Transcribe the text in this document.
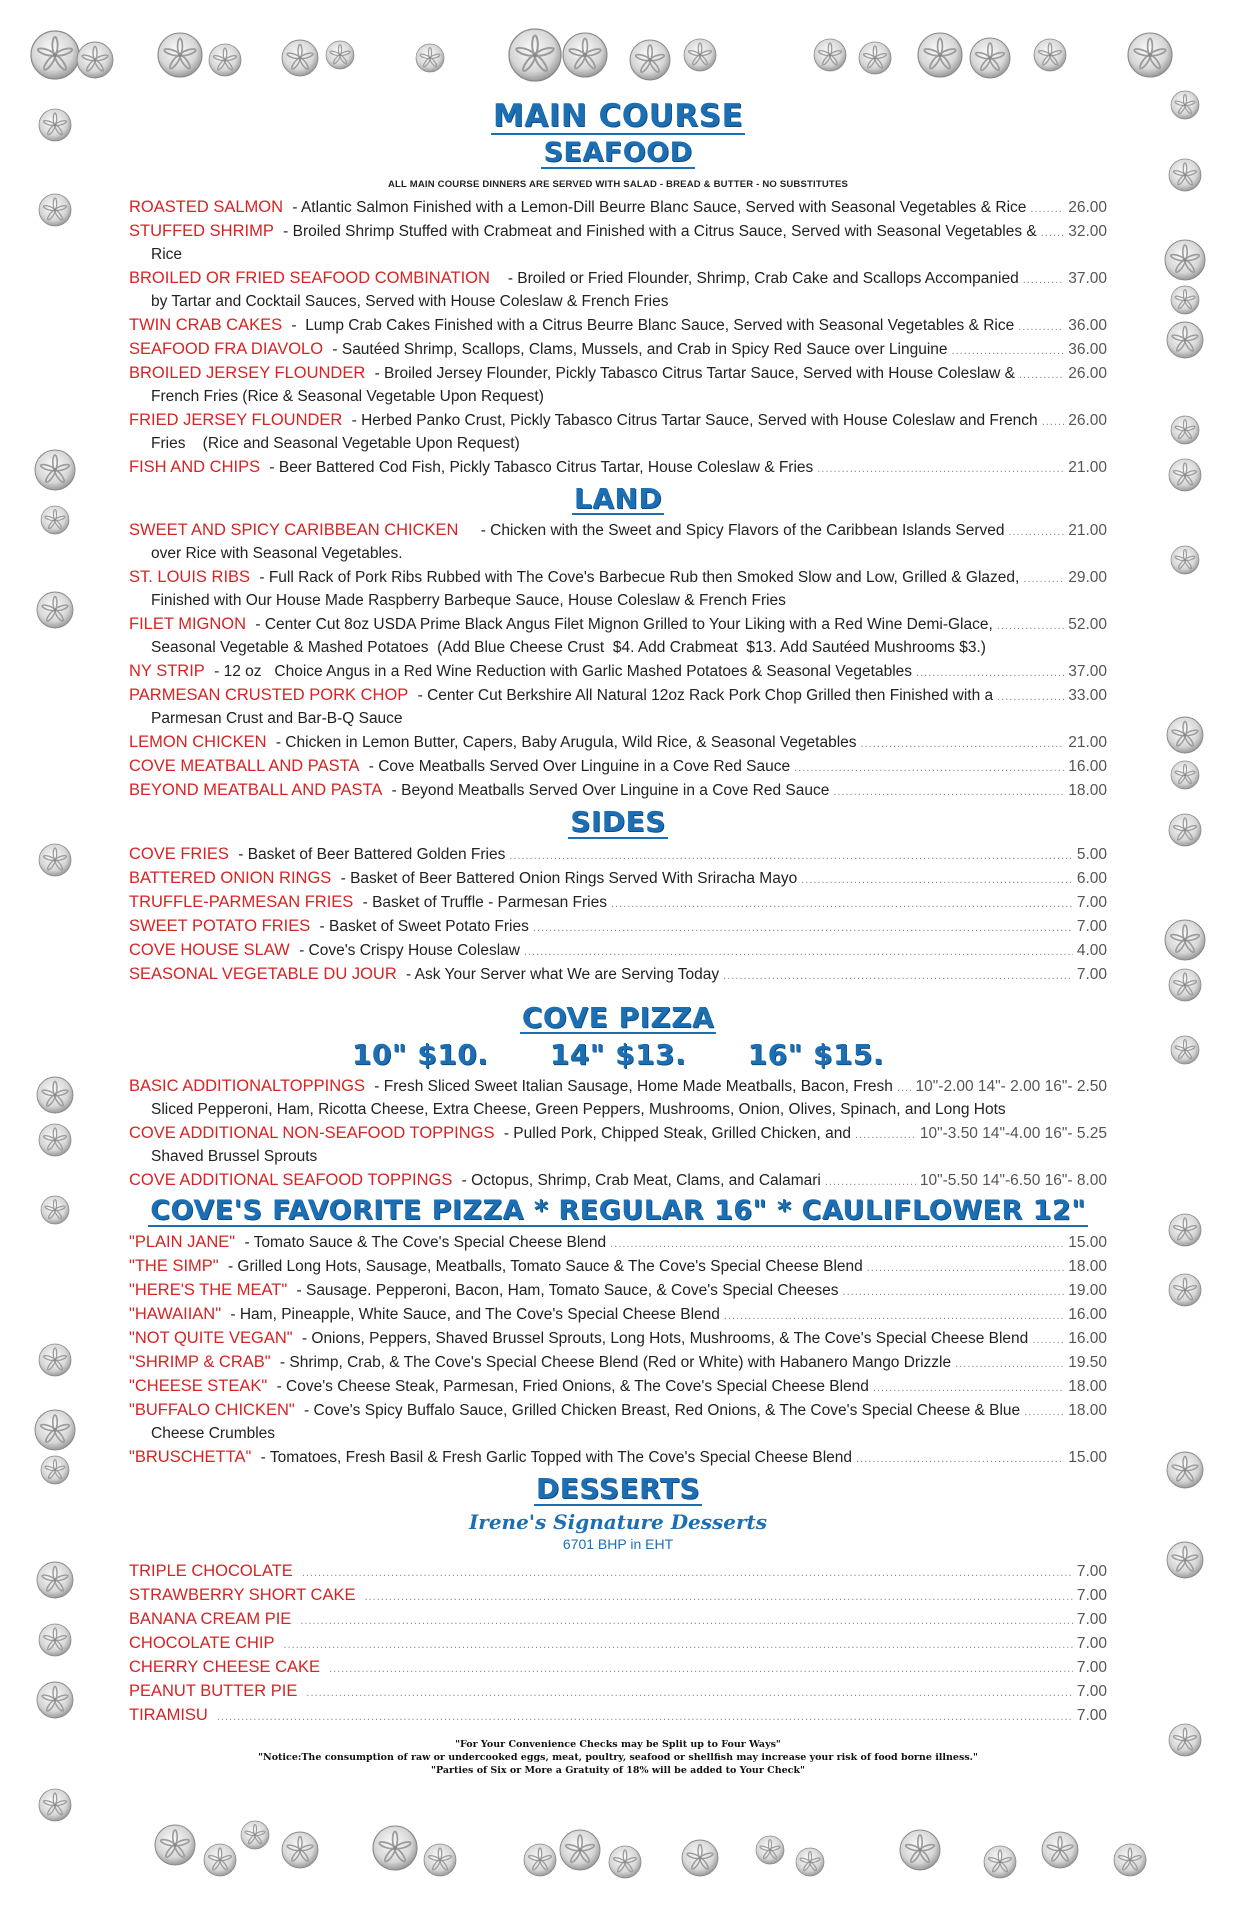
MAIN COURSE
SEAFOOD
ALL MAIN COURSE DINNERS ARE SERVED WITH SALAD - BREAD & BUTTER - NO SUBSTITUTES
ROASTED SALMON - Atlantic Salmon Finished with a Lemon-Dill Beurre Blanc Sauce, Served with Seasonal Vegetables & Rice .....	26.00
STUFFED SHRIMP - Broiled Shrimp Stuffed with Crabmeat and Finished with a Citrus Sauce, Served with Seasonal Vegetables & ..... 32.00
Rice
BROILED OR FRIED SEAFOOD COMBINATION   - Broiled or Fried Flounder, Shrimp, Crab Cake and Scallops Accompanied .....	37.00
by Tartar and Cocktail Sauces, Served with House Coleslaw & French Fries
TWIN CRAB CAKES -  Lump Crab Cakes Finished with a Citrus Beurre Blanc Sauce, Served with Seasonal Vegetables & Rice .....	36.00
SEAFOOD FRA DIAVOLO - Sautéed Shrimp, Scallops, Clams, Mussels, and Crab in Spicy Red Sauce over Linguine .....	36.00
BROILED JERSEY FLOUNDER - Broiled Jersey Flounder, Pickly Tabasco Citrus Tartar Sauce, Served with House Coleslaw & .....	26.00
French Fries (Rice & Seasonal Vegetable Upon Request)
FRIED JERSEY FLOUNDER - Herbed Panko Crust, Pickly Tabasco Citrus Tartar Sauce, Served with House Coleslaw and French ..... 26.00
Fries    (Rice and Seasonal Vegetable Upon Request)
FISH AND CHIPS - Beer Battered Cod Fish, Pickly Tabasco Citrus Tartar, House Coleslaw & Fries .....	21.00
LAND
SWEET AND SPICY CARIBBEAN CHICKEN    - Chicken with the Sweet and Spicy Flavors of the Caribbean Islands Served .....	21.00
over Rice with Seasonal Vegetables.
ST. LOUIS RIBS - Full Rack of Pork Ribs Rubbed with The Cove's Barbecue Rub then Smoked Slow and Low, Grilled & Glazed, .....	29.00
Finished with Our House Made Raspberry Barbeque Sauce, House Coleslaw & French Fries
FILET MIGNON - Center Cut 8oz USDA Prime Black Angus Filet Mignon Grilled to Your Liking with a Red Wine Demi-Glace, .....	52.00
Seasonal Vegetable & Mashed Potatoes  (Add Blue Cheese Crust  $4. Add Crabmeat  $13. Add Sautéed Mushrooms $3.)
NY STRIP - 12 oz   Choice Angus in a Red Wine Reduction with Garlic Mashed Potatoes & Seasonal Vegetables .....	37.00
PARMESAN CRUSTED PORK CHOP - Center Cut Berkshire All Natural 12oz Rack Pork Chop Grilled then Finished with a .....	33.00
Parmesan Crust and Bar-B-Q Sauce
LEMON CHICKEN - Chicken in Lemon Butter, Capers, Baby Arugula, Wild Rice, & Seasonal Vegetables .....	21.00
COVE MEATBALL AND PASTA - Cove Meatballs Served Over Linguine in a Cove Red Sauce .....	16.00
BEYOND MEATBALL AND PASTA - Beyond Meatballs Served Over Linguine in a Cove Red Sauce .....	18.00
SIDES
COVE FRIES - Basket of Beer Battered Golden Fries .....	5.00
BATTERED ONION RINGS - Basket of Beer Battered Onion Rings Served With Sriracha Mayo .....	6.00
TRUFFLE-PARMESAN FRIES - Basket of Truffle - Parmesan Fries .....	7.00
SWEET POTATO FRIES - Basket of Sweet Potato Fries .....	7.00
COVE HOUSE SLAW - Cove's Crispy House Coleslaw .....	4.00
SEASONAL VEGETABLE DU JOUR - Ask Your Server what We are Serving Today .....	7.00
COVE PIZZA
10" $10.      14" $13.      16" $15.
BASIC ADDITIONALTOPPINGS - Fresh Sliced Sweet Italian Sausage, Home Made Meatballs, Bacon, Fresh ..... 10"-2.00 14"- 2.00 16"- 2.50
Sliced Pepperoni, Ham, Ricotta Cheese, Extra Cheese, Green Peppers, Mushrooms, Onion, Olives, Spinach, and Long Hots
COVE ADDITIONAL NON-SEAFOOD TOPPINGS - Pulled Pork, Chipped Steak, Grilled Chicken, and .....	10"-3.50 14"-4.00 16"- 5.25
Shaved Brussel Sprouts
COVE ADDITIONAL SEAFOOD TOPPINGS - Octopus, Shrimp, Crab Meat, Clams, and Calamari .....	10"-5.50 14"-6.50 16"- 8.00
COVE'S FAVORITE PIZZA * REGULAR 16" * CAULIFLOWER 12"
"PLAIN JANE" - Tomato Sauce & The Cove's Special Cheese Blend .....	15.00
"THE SIMP" - Grilled Long Hots, Sausage, Meatballs, Tomato Sauce & The Cove's Special Cheese Blend .....	18.00
"HERE'S THE MEAT" - Sausage. Pepperoni, Bacon, Ham, Tomato Sauce, & Cove's Special Cheeses .....	19.00
"HAWAIIAN" - Ham, Pineapple, White Sauce, and The Cove's Special Cheese Blend .....	16.00
"NOT QUITE VEGAN" - Onions, Peppers, Shaved Brussel Sprouts, Long Hots, Mushrooms, & The Cove's Special Cheese Blend .....	16.00
"SHRIMP & CRAB" - Shrimp, Crab, & The Cove's Special Cheese Blend (Red or White) with Habanero Mango Drizzle .....	19.50
"CHEESE STEAK" - Cove's Cheese Steak, Parmesan, Fried Onions, & The Cove's Special Cheese Blend .....	18.00
"BUFFALO CHICKEN" - Cove's Spicy Buffalo Sauce, Grilled Chicken Breast, Red Onions, & The Cove's Special Cheese & Blue .....	18.00
Cheese Crumbles
"BRUSCHETTA" - Tomatoes, Fresh Basil & Fresh Garlic Topped with The Cove's Special Cheese Blend .....	15.00
DESSERTS
Irene's Signature Desserts
6701 BHP in EHT
TRIPLE CHOCOLATE .....	7.00
STRAWBERRY SHORT CAKE .....	7.00
BANANA CREAM PIE .....	7.00
CHOCOLATE CHIP .....	7.00
CHERRY CHEESE CAKE .....	7.00
PEANUT BUTTER PIE .....	7.00
TIRAMISU .....	7.00
"For Your Convenience Checks may be Split up to Four Ways"
"Notice:The consumption of raw or undercooked eggs, meat, poultry, seafood or shellfish may increase your risk of food borne illness."
"Parties of Six or More a Gratuity of 18% will be added to Your Check"
